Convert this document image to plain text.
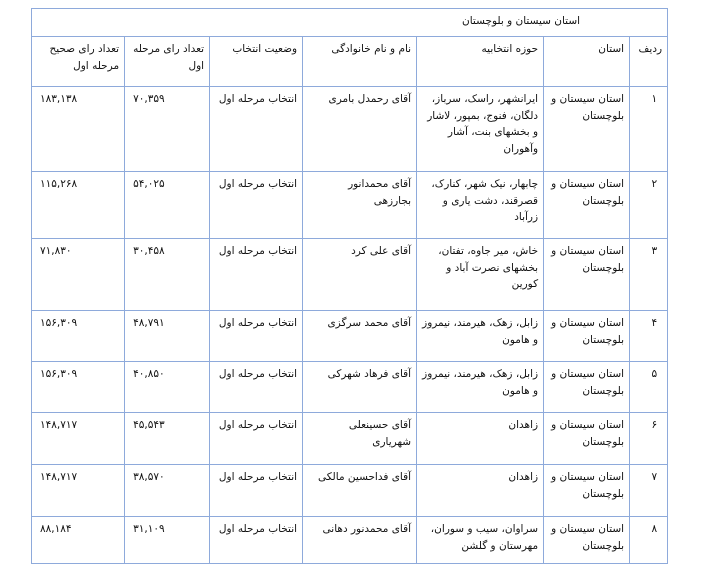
استان سیستان و بلوچستان						

ردیف	استان	حوزه انتخابیه	نام و نام خانوادگی	وضعیت انتخاب	تعداد رای مرحله اول	تعداد رای صحیح مرحله اول
۱	استان سیستان و بلوچستان	ایرانشهر، راسک، سرباز، دلگان، فنوج، بمپور، لاشار و بخشهای بنت، آشار وآهوران	آقای رحمدل بامری	انتخاب مرحله اول	۷۰,۳۵۹	۱۸۳,۱۳۸
۲	استان سیستان و بلوچستان	چابهار، نیک شهر، کنارک، قصرقند، دشت یاری و زرآباد	آقای محمدانور بجارزهی	انتخاب مرحله اول	۵۴,۰۲۵	۱۱۵,۲۶۸
۳	استان سیستان و بلوچستان	خاش، میر جاوه، تفتان، بخشهای نصرت آباد و کورین	آقای علی کرد	انتخاب مرحله اول	۳۰,۴۵۸	۷۱,۸۳۰
۴	استان سیستان و بلوچستان	زابل، زهک، هیرمند، نیمروز و هامون	آقای محمد سرگزی	انتخاب مرحله اول	۴۸,۷۹۱	۱۵۶,۳۰۹
۵	استان سیستان و بلوچستان	زابل، زهک، هیرمند، نیمروز و هامون	آقای فرهاد شهرکی	انتخاب مرحله اول	۴۰,۸۵۰	۱۵۶,۳۰۹
۶	استان سیستان و بلوچستان	زاهدان	آقای حسینعلی شهریاری	انتخاب مرحله اول	۴۵,۵۴۳	۱۴۸,۷۱۷
۷	استان سیستان و بلوچستان	زاهدان	آقای فداحسین مالکی	انتخاب مرحله اول	۳۸,۵۷۰	۱۴۸,۷۱۷
۸	استان سیستان و بلوچستان	سراوان، سیب و سوران، مهرستان و گلشن	آقای محمدنور دهانی	انتخاب مرحله اول	۳۱,۱۰۹	۸۸,۱۸۴
